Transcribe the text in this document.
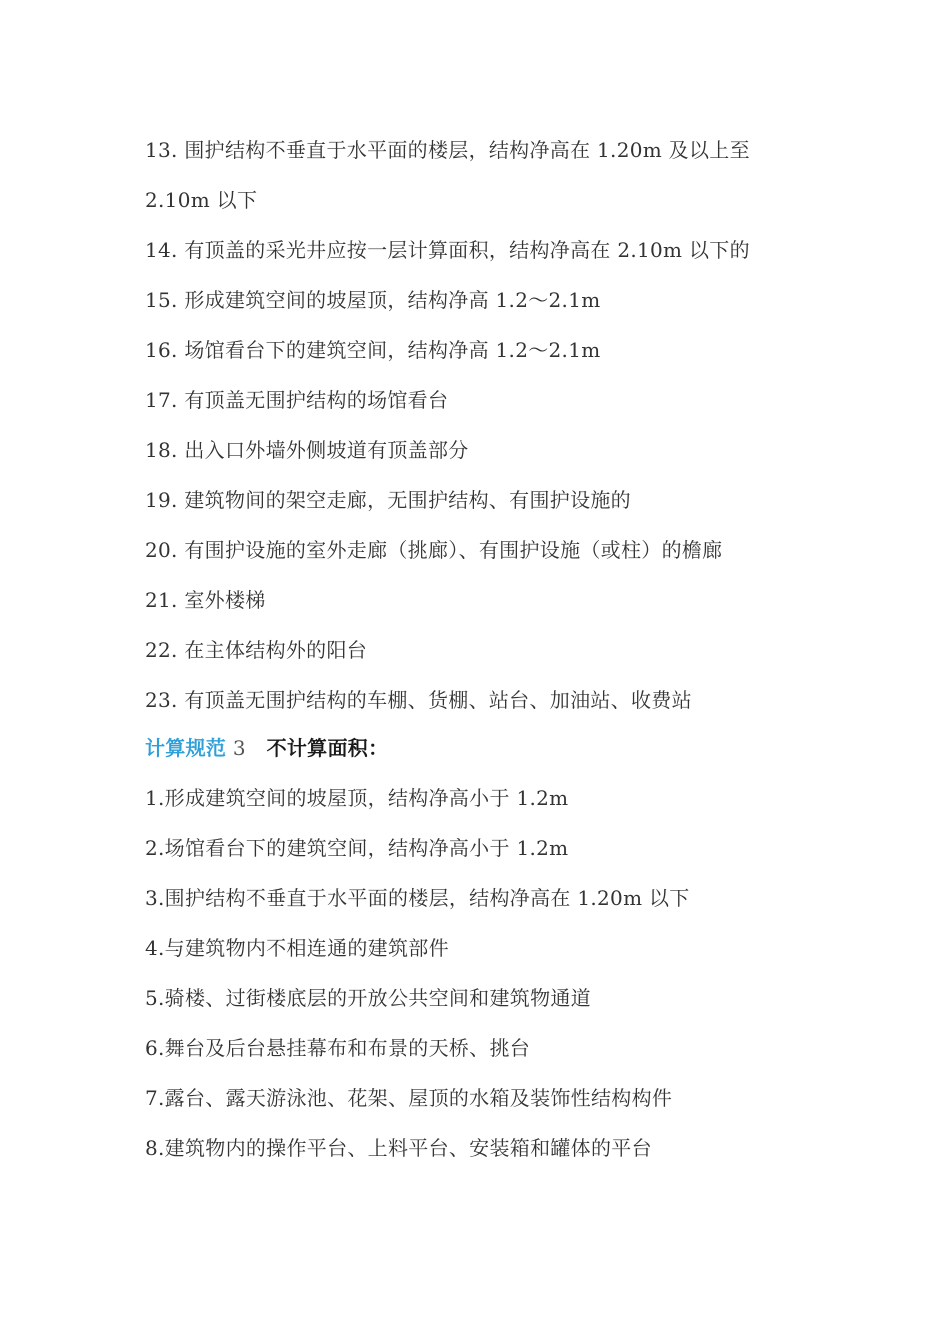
13. 围护结构不垂直于水平面的楼层，结构净高在 1.20m 及以上至
2.10m 以下
14. 有顶盖的采光井应按一层计算面积，结构净高在 2.10m 以下的
15. 形成建筑空间的坡屋顶，结构净高 1.2～2.1m
16. 场馆看台下的建筑空间，结构净高 1.2～2.1m
17. 有顶盖无围护结构的场馆看台
18. 出入口外墙外侧坡道有顶盖部分
19. 建筑物间的架空走廊，无围护结构、有围护设施的
20. 有围护设施的室外走廊（挑廊）、有围护设施（或柱）的檐廊
21. 室外楼梯
22. 在主体结构外的阳台
23. 有顶盖无围护结构的车棚、货棚、站台、加油站、收费站
计算规范 3 不计算面积：
1.形成建筑空间的坡屋顶，结构净高小于 1.2m
2.场馆看台下的建筑空间，结构净高小于 1.2m
3.围护结构不垂直于水平面的楼层，结构净高在 1.20m 以下
4.与建筑物内不相连通的建筑部件
5.骑楼、过街楼底层的开放公共空间和建筑物通道
6.舞台及后台悬挂幕布和布景的天桥、挑台
7.露台、露天游泳池、花架、屋顶的水箱及装饰性结构构件
8.建筑物内的操作平台、上料平台、安装箱和罐体的平台
